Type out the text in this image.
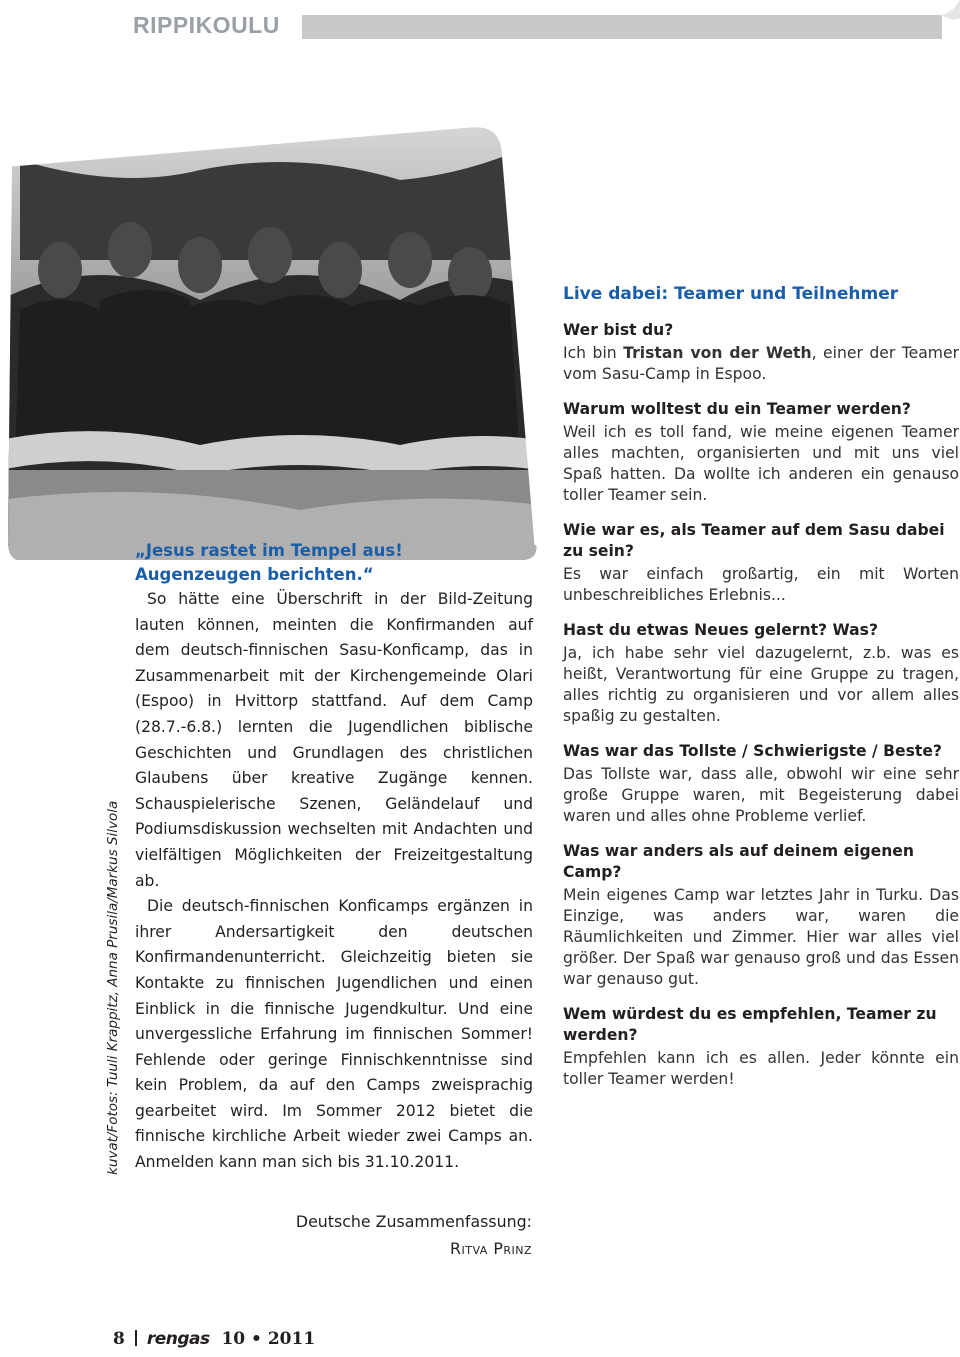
RIPPIKOULU
kuvat/Fotos: Tuuli Krappitz, Anna Prusila/Markus Silvola

„Jesus rastet im Tempel aus!

Augenzeugen berichten.“

So hätte eine Überschrift in der Bild-Zeitung lauten können, meinten die Konfirmanden auf dem deutsch-finnischen Sasu-Konficamp, das in Zusammenarbeit mit der Kirchengemeinde Olari (Espoo) in Hvittorp stattfand. Auf dem Camp (28.7.-6.8.) lernten die Jugendlichen biblische Geschichten und Grundlagen des christlichen Glaubens über kreative Zugänge kennen. Schauspielerische Szenen, Geländelauf und Podiumsdiskussion wechselten mit Andachten und vielfältigen Möglichkeiten der Freizeitgestaltung ab.

Die deutsch-finnischen Konficamps ergänzen in ihrer Andersartigkeit den deutschen Konfirmandenunterricht. Gleichzeitig bieten sie Kontakte zu finnischen Jugendlichen und einen Einblick in die finnische Jugendkultur. Und eine unvergessliche Erfahrung im finnischen Sommer! Fehlende oder geringe Finnischkenntnisse sind kein Problem, da auf den Camps zweisprachig gearbeitet wird. Im Sommer 2012 bietet die finnische kirchliche Arbeit wieder zwei Camps an. Anmelden kann man sich bis 31.10.2011.

Deutsche Zusammenfassung:
Ritva Prinz
Live dabei: Teamer und Teilnehmer

Wer bist du?

Ich bin Tristan von der Weth, einer der Teamer vom Sasu-Camp in Espoo.

Warum wolltest du ein Teamer werden?

Weil ich es toll fand, wie meine eigenen Teamer alles machten, organisierten und mit uns viel Spaß hatten. Da wollte ich anderen ein genauso toller Teamer sein.

Wie war es, als Teamer auf dem Sasu dabei zu sein?

Es war einfach großartig, ein mit Worten unbeschreibliches Erlebnis...

Hast du etwas Neues gelernt? Was?

Ja, ich habe sehr viel dazugelernt, z.b. was es heißt, Verantwortung für eine Gruppe zu tragen, alles richtig zu organisieren und vor allem alles spaßig zu gestalten.

Was war das Tollste / Schwierigste / Beste?

Das Tollste war, dass alle, obwohl wir eine sehr große Gruppe waren, mit Begeisterung dabei waren und alles ohne Probleme verlief.

Was war anders als auf deinem eigenen Camp?

Mein eigenes Camp war letztes Jahr in Turku. Das Einzige, was anders war, waren die Räumlichkeiten und Zimmer. Hier war alles viel größer. Der Spaß war genauso groß und das Essen war genauso gut.

Wem würdest du es empfehlen, Teamer zu werden?

Empfehlen kann ich es allen. Jeder könnte ein toller Teamer werden!

8 rengas 10 • 2011
